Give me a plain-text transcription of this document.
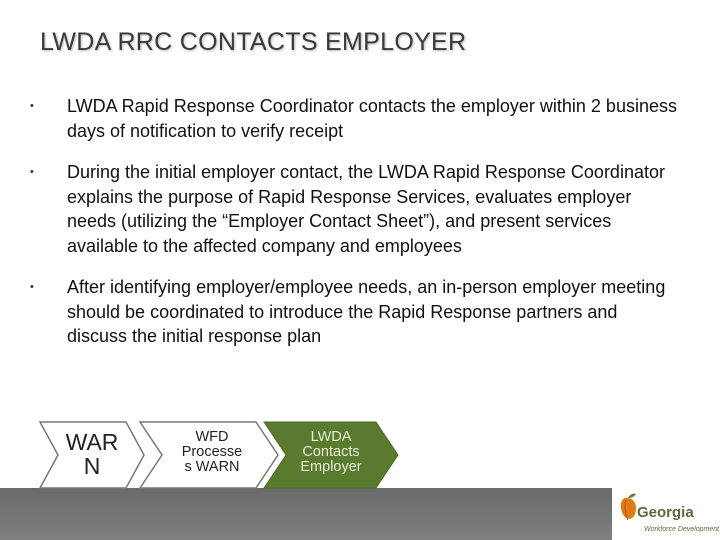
LWDA RRC CONTACTS EMPLOYER
• LWDA Rapid Response Coordinator contacts the employer within 2 business days of notification to verify receipt
• During the initial employer contact, the LWDA Rapid Response Coordinator explains the purpose of Rapid Response Services, evaluates employer needs (utilizing the “Employer Contact Sheet”), and present services available to the affected company and employees
• After identifying employer/employee needs, an in-person employer meeting should be coordinated to introduce the Rapid Response partners and discuss the initial response plan
WAR
N
WFD
Processe
s WARN
LWDA
Contacts
Employer
Georgia
Workforce Development
